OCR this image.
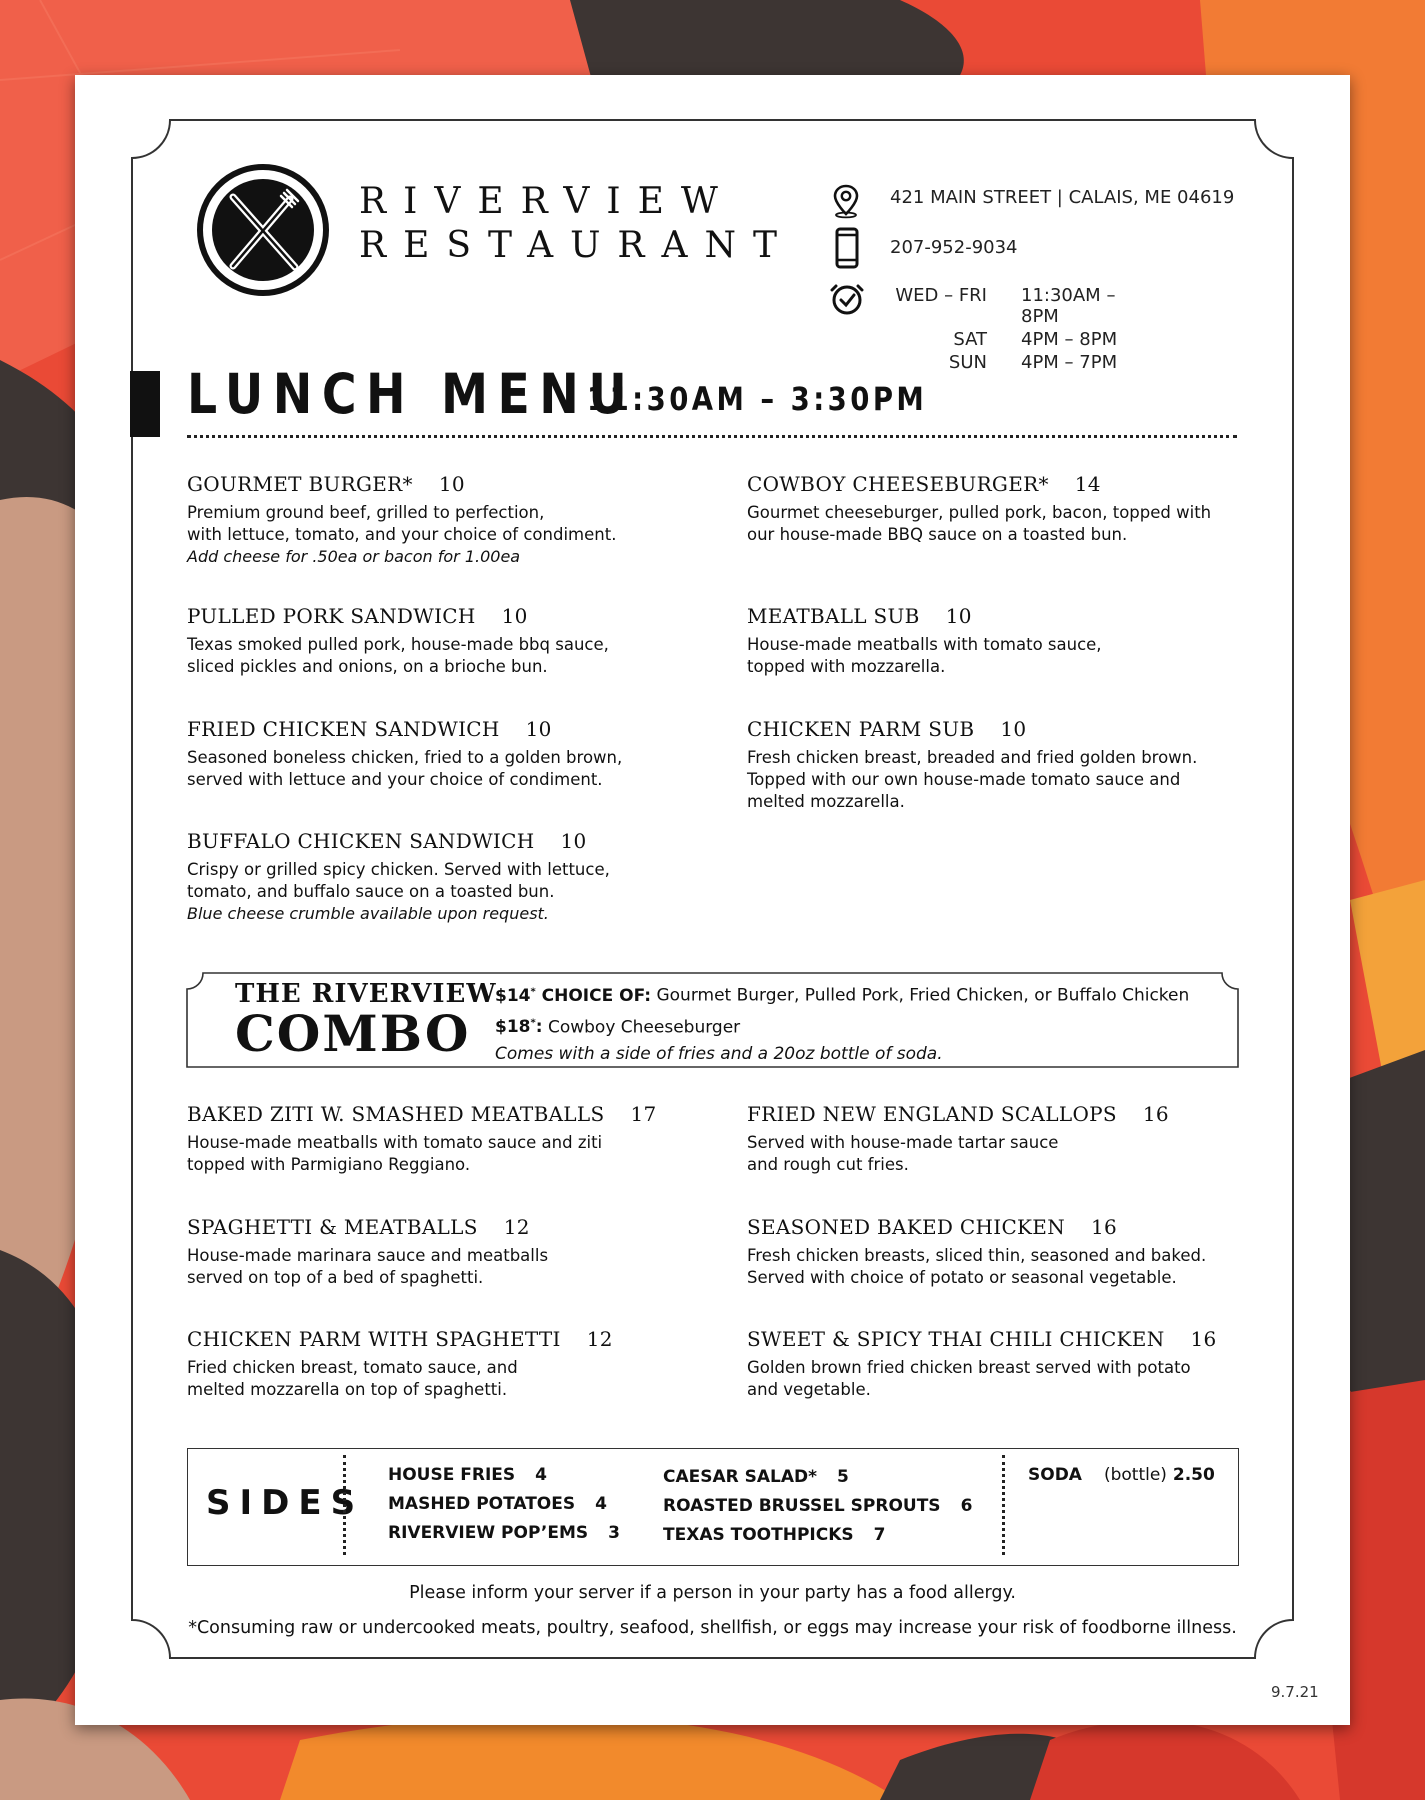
RIVERVIEW
RESTAURANT
421 MAIN STREET | CALAIS, ME 04619
207-952-9034
WED – FRI 11:30AM – 8PM
SAT 4PM – 8PM
SUN 4PM – 7PM
LUNCH MENU
11:30AM – 3:30PM
GOURMET BURGER* 10
Premium ground beef, grilled to perfection,
with lettuce, tomato, and your choice of condiment.
Add cheese for .50ea or bacon for 1.00ea
COWBOY CHEESEBURGER* 14
Gourmet cheeseburger, pulled pork, bacon, topped with
our house-made BBQ sauce on a toasted bun.
PULLED PORK SANDWICH 10
Texas smoked pulled pork, house-made bbq sauce,
sliced pickles and onions, on a brioche bun.
MEATBALL SUB 10
House-made meatballs with tomato sauce,
topped with mozzarella.
FRIED CHICKEN SANDWICH 10
Seasoned boneless chicken, fried to a golden brown,
served with lettuce and your choice of condiment.
CHICKEN PARM SUB 10
Fresh chicken breast, breaded and fried golden brown.
Topped with our own house-made tomato sauce and
melted mozzarella.
BUFFALO CHICKEN SANDWICH 10
Crispy or grilled spicy chicken. Served with lettuce,
tomato, and buffalo sauce on a toasted bun.
Blue cheese crumble available upon request.
THE RIVERVIEW
COMBO
$14* CHOICE OF: Gourmet Burger, Pulled Pork, Fried Chicken, or Buffalo Chicken
$18*: Cowboy Cheeseburger
Comes with a side of fries and a 20oz bottle of soda.
BAKED ZITI W. SMASHED MEATBALLS 17
House-made meatballs with tomato sauce and ziti
topped with Parmigiano Reggiano.
FRIED NEW ENGLAND SCALLOPS 16
Served with house-made tartar sauce
and rough cut fries.
SPAGHETTI & MEATBALLS 12
House-made marinara sauce and meatballs
served on top of a bed of spaghetti.
SEASONED BAKED CHICKEN 16
Fresh chicken breasts, sliced thin, seasoned and baked.
Served with choice of potato or seasonal vegetable.
CHICKEN PARM WITH SPAGHETTI 12
Fried chicken breast, tomato sauce, and
melted mozzarella on top of spaghetti.
SWEET & SPICY THAI CHILI CHICKEN 16
Golden brown fried chicken breast served with potato
and vegetable.
SIDES
HOUSE FRIES 4
MASHED POTATOES 4
RIVERVIEW POP’EMS 3
CAESAR SALAD* 5
ROASTED BRUSSEL SPROUTS 6
TEXAS TOOTHPICKS 7
SODA (bottle) 2.50
Please inform your server if a person in your party has a food allergy.
*Consuming raw or undercooked meats, poultry, seafood, shellfish, or eggs may increase your risk of foodborne illness.
9.7.21
